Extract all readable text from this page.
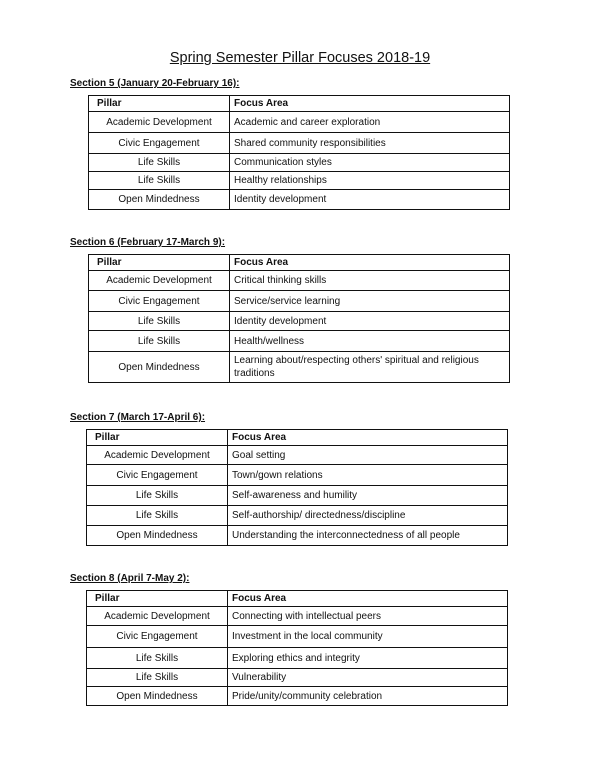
Spring Semester Pillar Focuses 2018-19
Section 5 (January 20-February 16):
Pillar	Focus Area
Academic Development	Academic and career exploration
Civic Engagement	Shared community responsibilities
Life Skills	Communication styles
Life Skills	Healthy relationships
Open Mindedness	Identity development
Section 6 (February 17-March 9):
Pillar	Focus Area
Academic Development	Critical thinking skills
Civic Engagement	Service/service learning
Life Skills	Identity development
Life Skills	Health/wellness
Open Mindedness	Learning about/respecting others' spiritual and religious traditions
Section 7 (March 17-April 6):
Pillar	Focus Area
Academic Development	Goal setting
Civic Engagement	Town/gown relations
Life Skills	Self-awareness and humility
Life Skills	Self-authorship/ directedness/discipline
Open Mindedness	Understanding the interconnectedness of all people
Section 8 (April 7-May 2):
Pillar	Focus Area
Academic Development	Connecting with intellectual peers
Civic Engagement	Investment in the local community
Life Skills	Exploring ethics and integrity
Life Skills	Vulnerability
Open Mindedness	Pride/unity/community celebration
